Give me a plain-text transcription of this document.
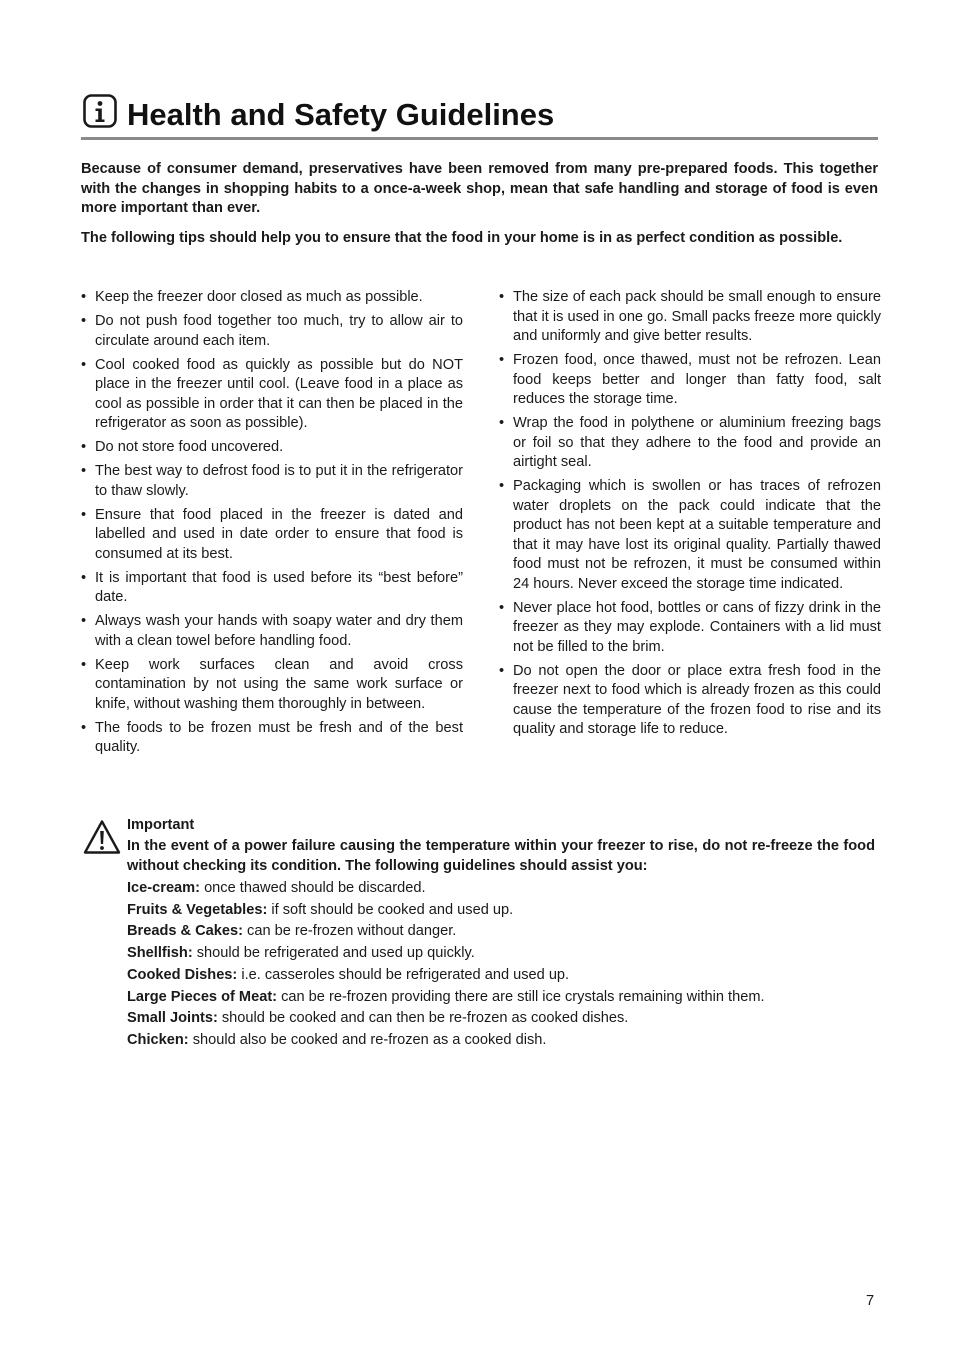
Health and Safety Guidelines

Because of consumer demand, preservatives have been removed from many pre-prepared foods. This together with the changes in shopping habits to a once-a-week shop, mean that safe handling and storage of food is even more important than ever.

The following tips should help you to ensure that the food in your home is in as perfect condition as possible.

• Keep the freezer door closed as much as possible.
• Do not push food together too much, try to allow air to circulate around each item.
• Cool cooked food as quickly as possible but do NOT place in the freezer until cool. (Leave food in a place as cool as possible in order that it can then be placed in the refrigerator as soon as possible).
• Do not store food uncovered.
• The best way to defrost food is to put it in the refrigerator to thaw slowly.
• Ensure that food placed in the freezer is dated and labelled and used in date order to ensure that food is consumed at its best.
• It is important that food is used before its “best before” date.
• Always wash your hands with soapy water and dry them with a clean towel before handling food.
• Keep work surfaces clean and avoid cross contamination by not using the same work surface or knife, without washing them thoroughly in between.
• The foods to be frozen must be fresh and of the best quality.
• The size of each pack should be small enough to ensure that it is used in one go. Small packs freeze more quickly and uniformly and give better results.
• Frozen food, once thawed, must not be refrozen. Lean food keeps better and longer than fatty food, salt reduces the storage time.
• Wrap the food in polythene or aluminium freezing bags or foil so that they adhere to the food and provide an airtight seal.
• Packaging which is swollen or has traces of refrozen water droplets on the pack could indicate that the product has not been kept at a suitable temperature and that it may have lost its original quality. Partially thawed food must not be refrozen, it must be consumed within 24 hours. Never exceed the storage time indicated.
• Never place hot food, bottles or cans of fizzy drink in the freezer as they may explode. Containers with a lid must not be filled to the brim.
• Do not open the door or place extra fresh food in the freezer next to food which is already frozen as this could cause the temperature of the frozen food to rise and its quality and storage life to reduce.

Important

In the event of a power failure causing the temperature within your freezer to rise, do not re-freeze the food without checking its condition. The following guidelines should assist you:

Ice-cream: once thawed should be discarded.

Fruits & Vegetables: if soft should be cooked and used up.

Breads & Cakes: can be re-frozen without danger.

Shellfish: should be refrigerated and used up quickly.

Cooked Dishes: i.e. casseroles should be refrigerated and used up.

Large Pieces of Meat: can be re-frozen providing there are still ice crystals remaining within them.

Small Joints: should be cooked and can then be re-frozen as cooked dishes.

Chicken: should also be cooked and re-frozen as a cooked dish.

7
